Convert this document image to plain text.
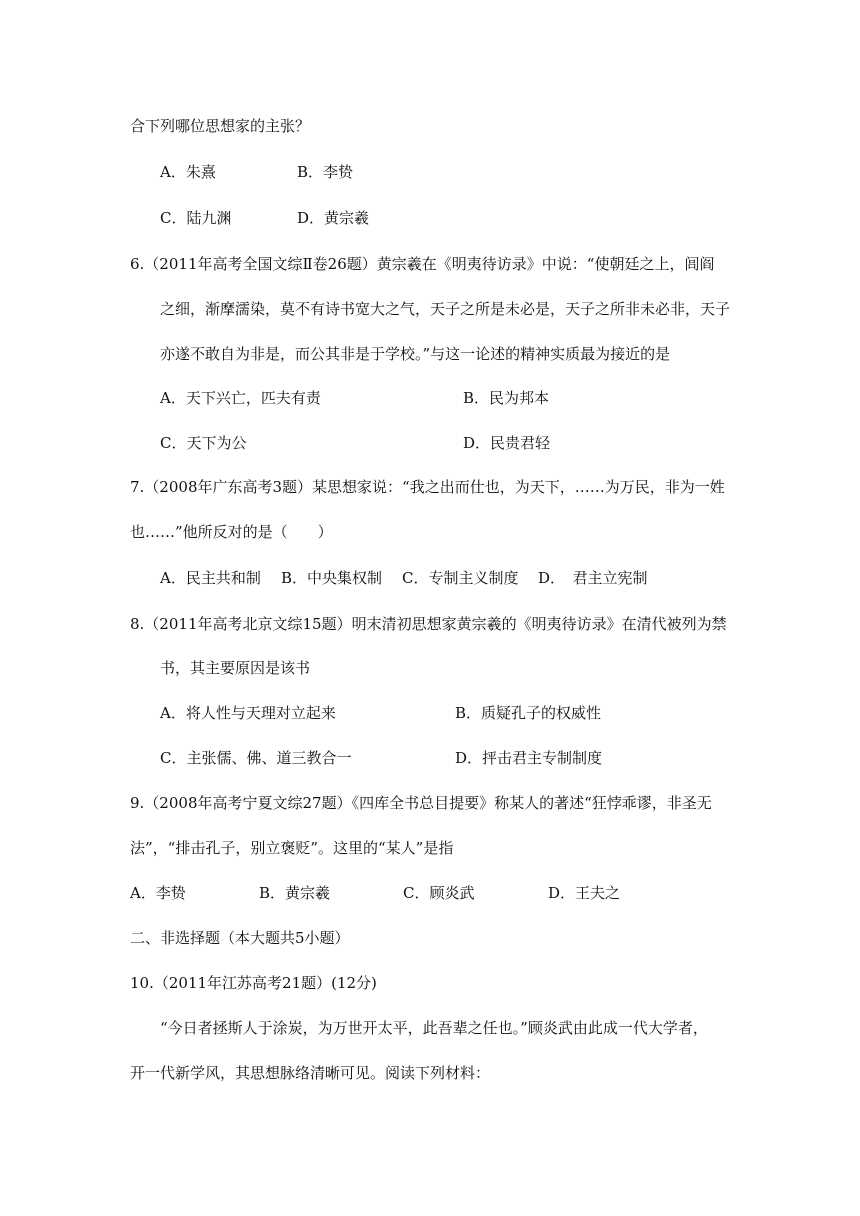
合下列哪位思想家的主张？

A．朱熹	B．李贽
C．陆九渊	D．黄宗羲

6.（2011年高考全国文综Ⅱ卷26题）黄宗羲在《明夷待访录》中说：“使朝廷之上，闾阎

之细，渐摩濡染，莫不有诗书宽大之气，天子之所是未必是，天子之所非未必非，天子

亦遂不敢自为非是，而公其非是于学校。”与这一论述的精神实质最为接近的是

A．天下兴亡，匹夫有责	B．民为邦本
C．天下为公	D．民贵君轻

7.（2008年广东高考3题）某思想家说：“我之出而仕也，为天下，……为万民，非为一姓

也……”他所反对的是（　　）

A．民主共和制 B．中央集权制 C．专制主义制度 D．　君主立宪制

8.（2011年高考北京文综15题）明末清初思想家黄宗羲的《明夷待访录》在清代被列为禁

书，其主要原因是该书

A．将人性与天理对立起来	B．质疑孔子的权威性
C．主张儒、佛、道三教合一	D．抨击君主专制制度

9.（2008年高考宁夏文综27题）《四库全书总目提要》称某人的著述“狂悖乖谬，非圣无

法”，“排击孔子，别立褒贬”。这里的“某人”是指

A．李贽	B．黄宗羲	C．顾炎武	D．王夫之

二、非选择题（本大题共5小题）

10.（2011年江苏高考21题）(12分)

“今日者拯斯人于涂炭，为万世开太平，此吾辈之任也。”顾炎武由此成一代大学者，

开一代新学风，其思想脉络清晰可见。阅读下列材料：
